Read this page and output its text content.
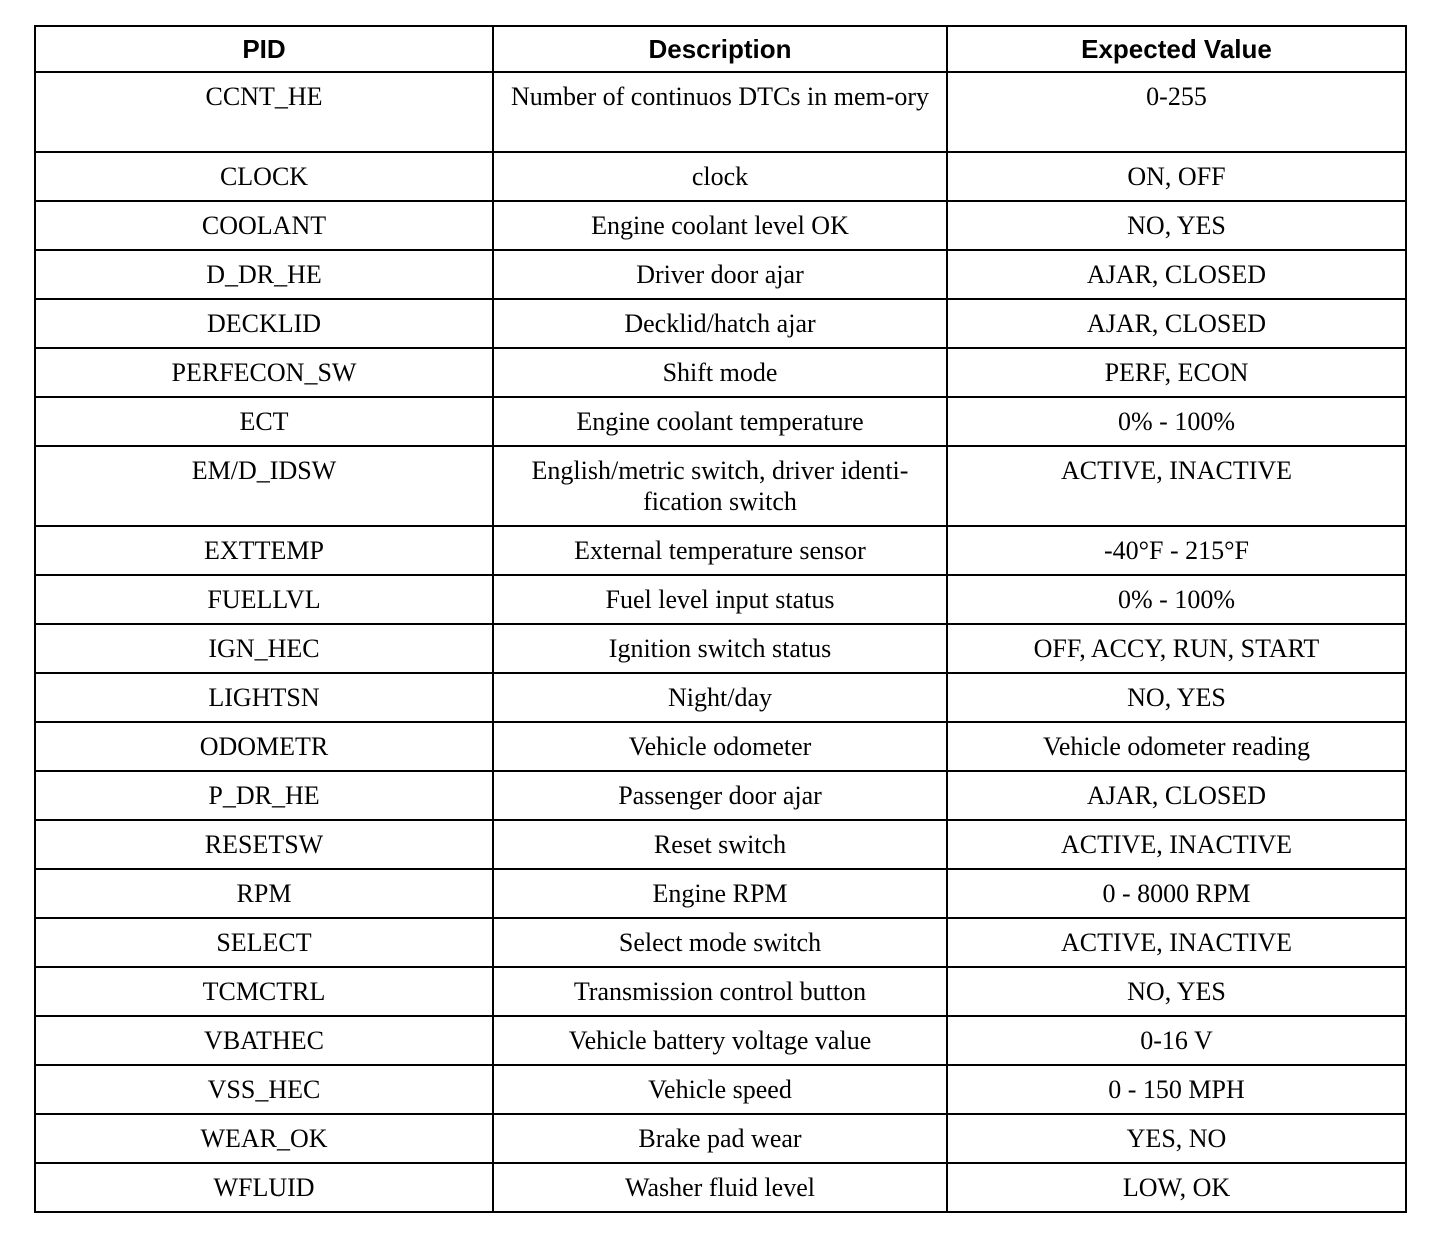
PID	Description	Expected Value
CCNT_HE	Number of continuos DTCs in mem-ory	0-255
CLOCK	clock	ON, OFF
COOLANT	Engine coolant level OK	NO, YES
D_DR_HE	Driver door ajar	AJAR, CLOSED
DECKLID	Decklid/hatch ajar	AJAR, CLOSED
PERFECON_SW	Shift mode	PERF, ECON
ECT	Engine coolant temperature	0% - 100%
EM/D_IDSW	English/metric switch, driver identi-fication switch	ACTIVE, INACTIVE
EXTTEMP	External temperature sensor	-40°F - 215°F
FUELLVL	Fuel level input status	0% - 100%
IGN_HEC	Ignition switch status	OFF, ACCY, RUN, START
LIGHTSN	Night/day	NO, YES
ODOMETR	Vehicle odometer	Vehicle odometer reading
P_DR_HE	Passenger door ajar	AJAR, CLOSED
RESETSW	Reset switch	ACTIVE, INACTIVE
RPM	Engine RPM	0 - 8000 RPM
SELECT	Select mode switch	ACTIVE, INACTIVE
TCMCTRL	Transmission control button	NO, YES
VBATHEC	Vehicle battery voltage value	0-16 V
VSS_HEC	Vehicle speed	0 - 150 MPH
WEAR_OK	Brake pad wear	YES, NO
WFLUID	Washer fluid level	LOW, OK
